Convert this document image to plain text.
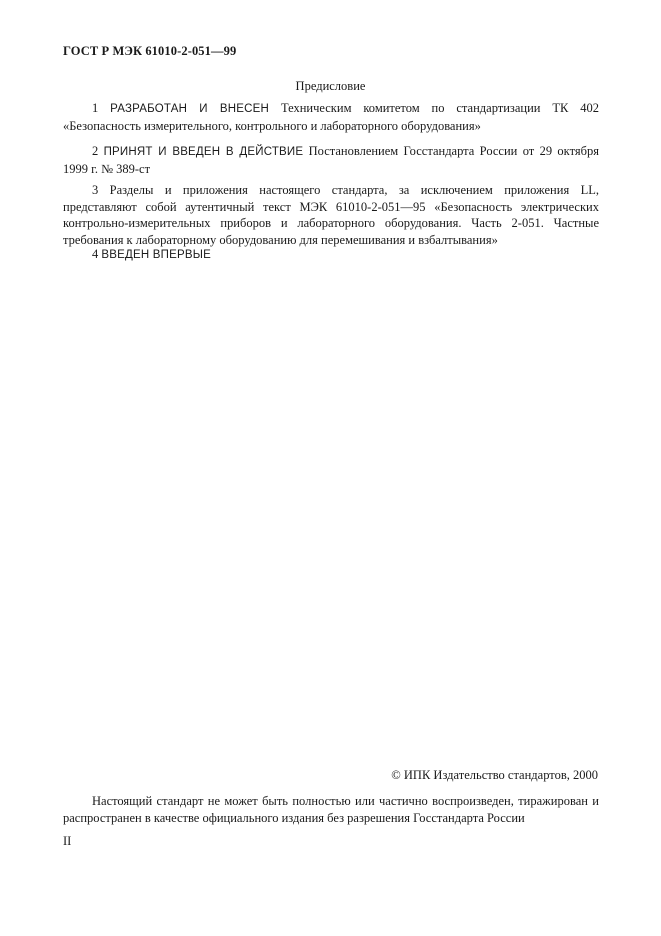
ГОСТ Р МЭК 61010-2-051—99
Предисловие

1 РАЗРАБОТАН И ВНЕСЕН Техническим комитетом по стандартизации ТК 402 «Безопасность измерительного, контрольного и лабораторного оборудования»

2 ПРИНЯТ И ВВЕДЕН В ДЕЙСТВИЕ Постановлением Госстандарта России от 29 октября 1999 г. № 389-ст

3 Разделы и приложения настоящего стандарта, за исключением приложения LL, представляют собой аутентичный текст МЭК 61010-2-051—95 «Безопасность электрических контрольно-измерительных приборов и лабораторного оборудования. Часть 2-051. Частные требования к лабораторному оборудованию для перемешивания и взбалтывания»

4 ВВЕДЕН ВПЕРВЫЕ

© ИПК Издательство стандартов, 2000

Настоящий стандарт не может быть полностью или частично воспроизведен, тиражирован и распространен в качестве официального издания без разрешения Госстандарта России

II
